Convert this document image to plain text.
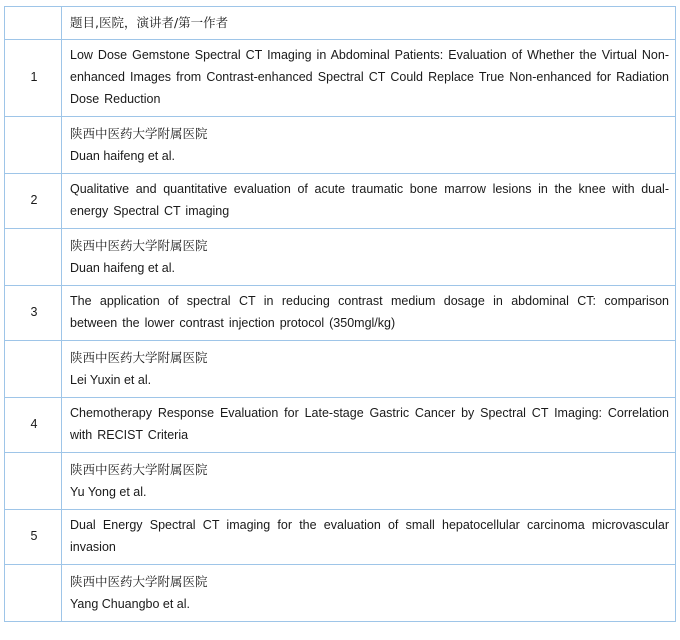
	题目,医院，演讲者/第一作者
1	Low Dose Gemstone Spectral CT Imaging in Abdominal Patients: Evaluation of Whether the Virtual Non-enhanced Images from Contrast-enhanced Spectral CT Could Replace True Non-enhanced for Radiation Dose Reduction

	陕西中医药大学附属医院
Duan haifeng et al.

2	Qualitative and quantitative evaluation of acute traumatic bone marrow lesions in the knee with dual-energy Spectral CT imaging

	陕西中医药大学附属医院
Duan haifeng et al.

3	The application of spectral CT in reducing contrast medium dosage in abdominal CT: comparison between the lower contrast injection protocol (350mgl/kg)

	陕西中医药大学附属医院
Lei Yuxin et al.

4	Chemotherapy Response Evaluation for Late-stage Gastric Cancer by Spectral CT Imaging: Correlation with RECIST Criteria

	陕西中医药大学附属医院
Yu Yong et al.

5	Dual Energy Spectral CT imaging for the evaluation of small hepatocellular carcinoma microvascular invasion

	陕西中医药大学附属医院
Yang Chuangbo et al.
